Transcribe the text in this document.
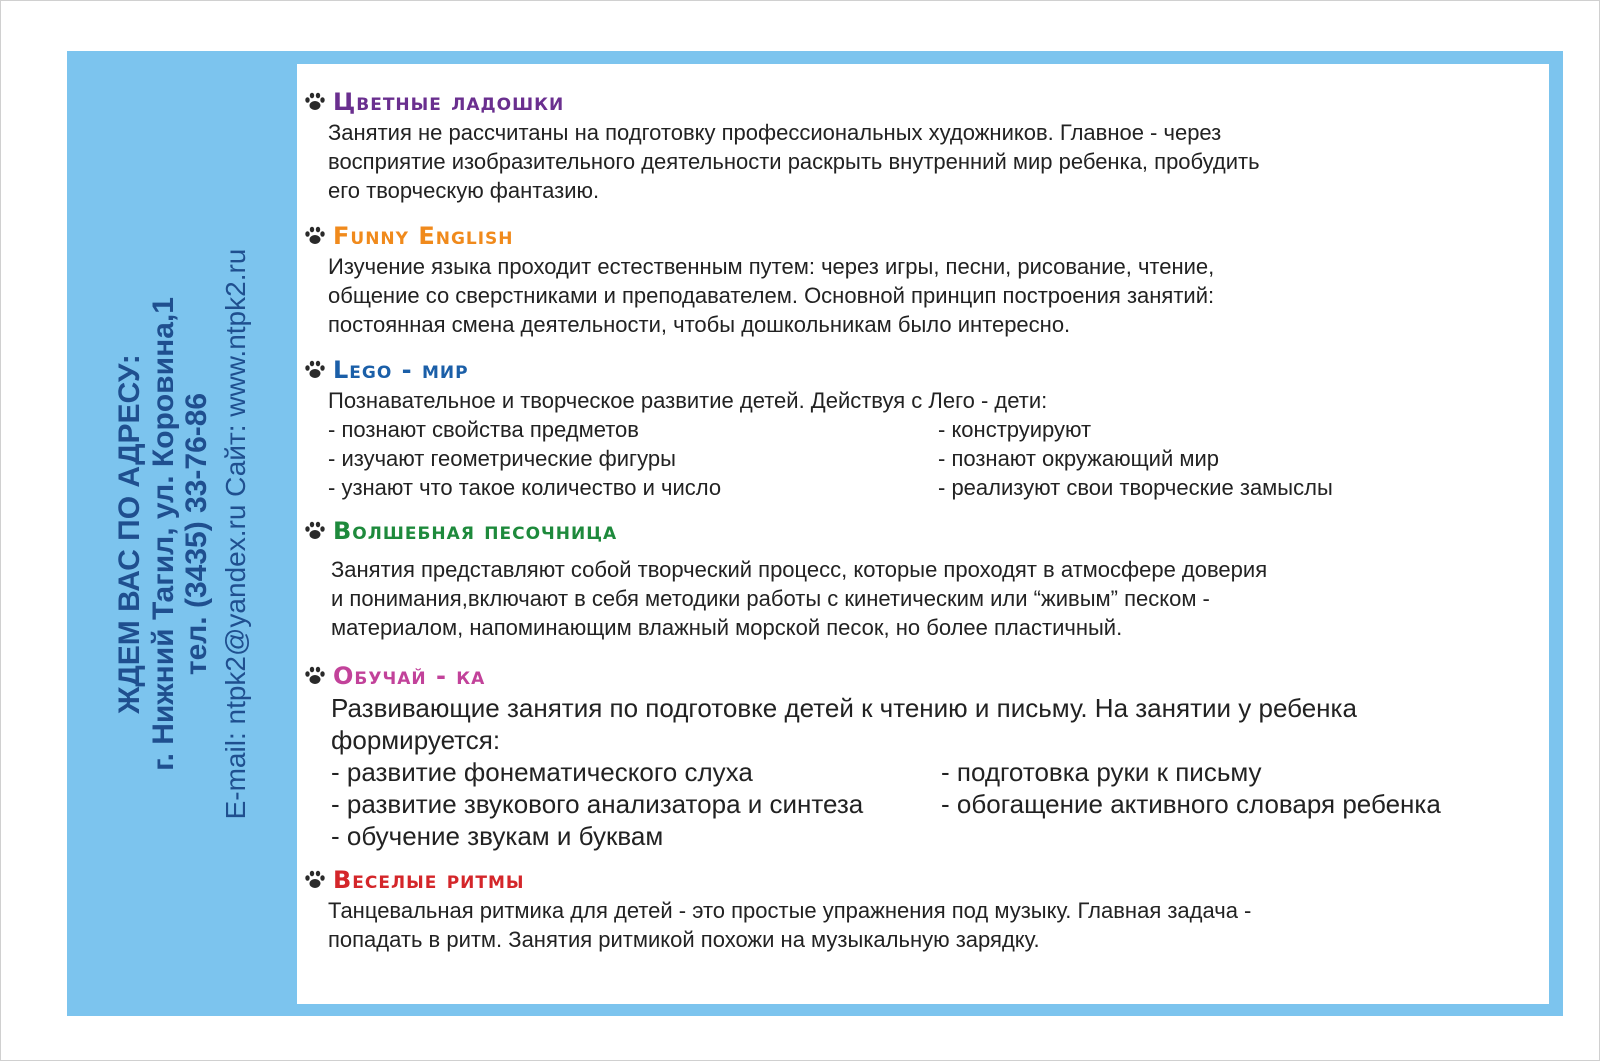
ЖДЕМ ВАС ПО АДРЕСУ: г. Нижний Тагил, ул. Коровина,1 тел. (3435) 33-76-86 E-mail: ntpk2@yandex.ru Сайт: www.ntpk2.ru
Цветные ладошки
Занятия не рассчитаны на подготовку профессиональных художников. Главное - через
восприятие изобразительного деятельности раскрыть внутренний мир ребенка, пробудить
его творческую фантазию.
Funny English
Изучение языка проходит естественным путем: через игры, песни, рисование, чтение,
общение со сверстниками и преподавателем. Основной принцип построения занятий:
постоянная смена деятельности, чтобы дошкольникам было интересно.
Lego - мир
Познавательное и творческое развитие детей. Действуя с Лего - дети:
- познают свойства предметов
- изучают геометрические фигуры
- узнают что такое количество и число
- конструируют
- познают окружающий мир
- реализуют свои творческие замыслы
Волшебная песочница
Занятия представляют собой творческий процесс, которые проходят в атмосфере доверия
и понимания,включают в себя методики работы с кинетическим или “живым” песком -
материалом, напоминающим влажный морской песок, но более пластичный.
Обучай - ка
Развивающие занятия по подготовке детей к чтению и письму. На занятии у ребенка
формируется:
- развитие фонематического слуха
- развитие звукового анализатора и синтеза
- обучение звукам и буквам
- подготовка руки к письму
- обогащение активного словаря ребенка
Веселые ритмы
Танцевальная ритмика для детей - это простые упражнения под музыку. Главная задача -
попадать в ритм. Занятия ритмикой похожи на музыкальную зарядку.
